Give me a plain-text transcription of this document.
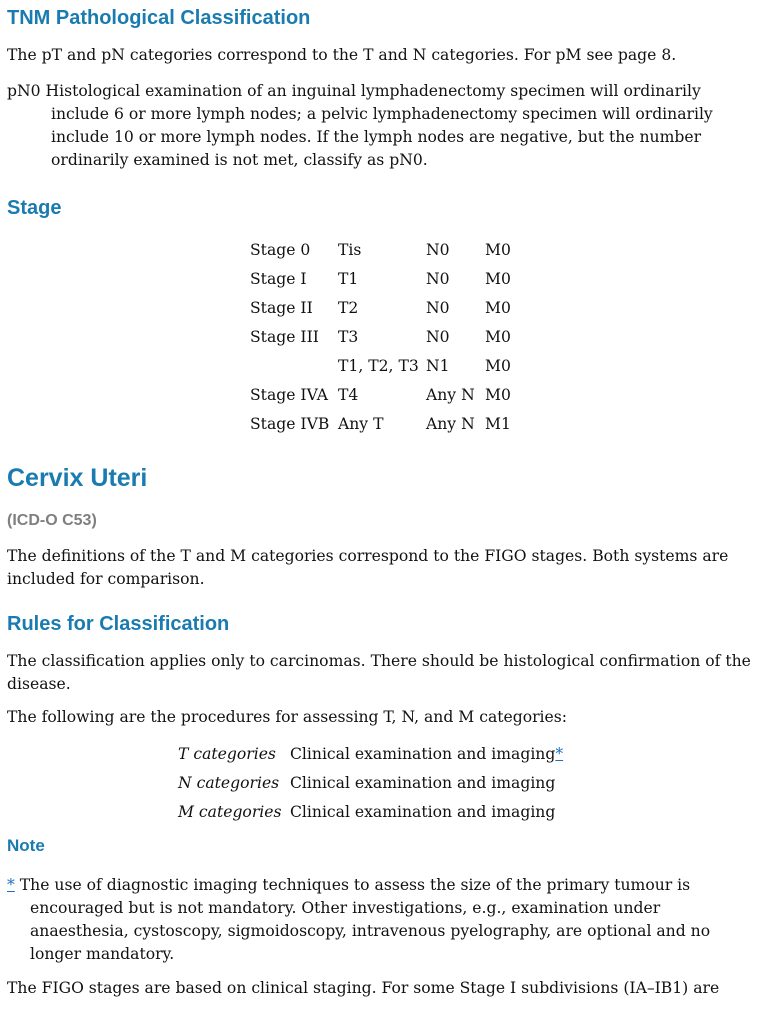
TNM Pathological Classification

The pT and pN categories correspond to the T and N categories. For pM see page 8.

pN0 Histological examination of an inguinal lymphadenectomy specimen will ordinarily include 6 or more lymph nodes; a pelvic lymphadenectomy specimen will ordinarily include 10 or more lymph nodes. If the lymph nodes are negative, but the number ordinarily examined is not met, classify as pN0.
Stage
Stage 0	Tis	N0	M0
Stage I	T1	N0	M0
Stage II	T2	N0	M0
Stage III	T3	N0	M0
	T1, T2, T3	N1	M0
Stage IVA	T4	Any N	M0
Stage IVB	Any T	Any N	M1
Cervix Uteri
(ICD-O C53)

The definitions of the T and M categories correspond to the FIGO stages. Both systems are included for comparison.

Rules for Classification

The classification applies only to carcinomas. There should be histological confirmation of the disease.

The following are the procedures for assessing T, N, and M categories:

T categories	Clinical examination and imaging*
N categories	Clinical examination and imaging
M categories	Clinical examination and imaging
Note
* The use of diagnostic imaging techniques to assess the size of the primary tumour is encouraged but is not mandatory. Other investigations, e.g., examination under anaesthesia, cystoscopy, sigmoidoscopy, intravenous pyelography, are optional and no longer mandatory.

The FIGO stages are based on clinical staging. For some Stage I subdivisions (IA–IB1) are
